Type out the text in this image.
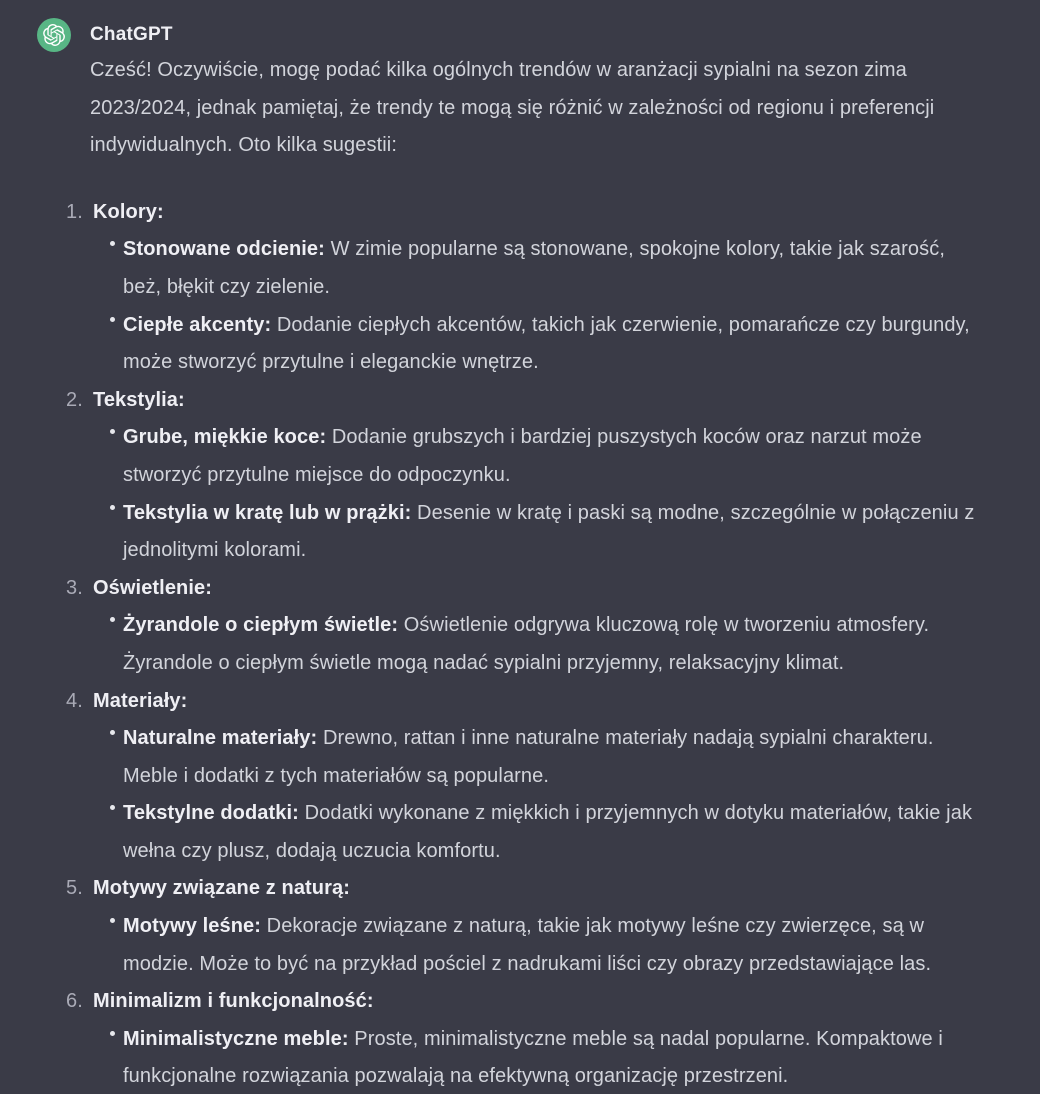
ChatGPT

Cześć! Oczywiście, mogę podać kilka ogólnych trendów w aranżacji sypialni na sezon zima 2023/2024, jednak pamiętaj, że trendy te mogą się różnić w zależności od regionu i preferencji indywidualnych. Oto kilka sugestii:

1. Kolory:
Stonowane odcienie: W zimie popularne są stonowane, spokojne kolory, takie jak szarość, beż, błękit czy zielenie.
Ciepłe akcenty: Dodanie ciepłych akcentów, takich jak czerwienie, pomarańcze czy burgundy, może stworzyć przytulne i eleganckie wnętrze.
2. Tekstylia:
Grube, miękkie koce: Dodanie grubszych i bardziej puszystych koców oraz narzut może stworzyć przytulne miejsce do odpoczynku.
Tekstylia w kratę lub w prążki: Desenie w kratę i paski są modne, szczególnie w połączeniu z jednolitymi kolorami.
3. Oświetlenie:
Żyrandole o ciepłym świetle: Oświetlenie odgrywa kluczową rolę w tworzeniu atmosfery. Żyrandole o ciepłym świetle mogą nadać sypialni przyjemny, relaksacyjny klimat.
4. Materiały:
Naturalne materiały: Drewno, rattan i inne naturalne materiały nadają sypialni charakteru. Meble i dodatki z tych materiałów są popularne.
Tekstylne dodatki: Dodatki wykonane z miękkich i przyjemnych w dotyku materiałów, takie jak wełna czy plusz, dodają uczucia komfortu.
5. Motywy związane z naturą:
Motywy leśne: Dekoracje związane z naturą, takie jak motywy leśne czy zwierzęce, są w modzie. Może to być na przykład pościel z nadrukami liści czy obrazy przedstawiające las.
6. Minimalizm i funkcjonalność:
Minimalistyczne meble: Proste, minimalistyczne meble są nadal popularne. Kompaktowe i funkcjonalne rozwiązania pozwalają na efektywną organizację przestrzeni.
